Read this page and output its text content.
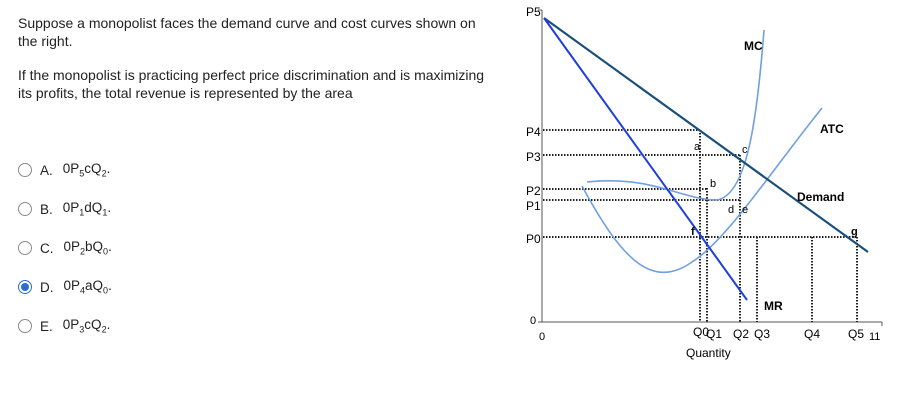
Suppose a monopolist faces the demand curve and cost curves shown on the right.

If the monopolist is practicing perfect price discrimination and is maximizing its profits, the total revenue is represented by the area

A. $0P_5cQ_2$.
B. $0P_1dQ_1$.
C. $0P_2bQ_0$.
D. $0P_4aQ_0$.
E. $0P_3cQ_2$.
P5
P4
P3
P2
P1
P0
0
MC
ATC
Demand
MR
a
b
c
d e
f	g
0	Q0
Q1 Q2 Q3	Q4 Q5 11
Quantity
